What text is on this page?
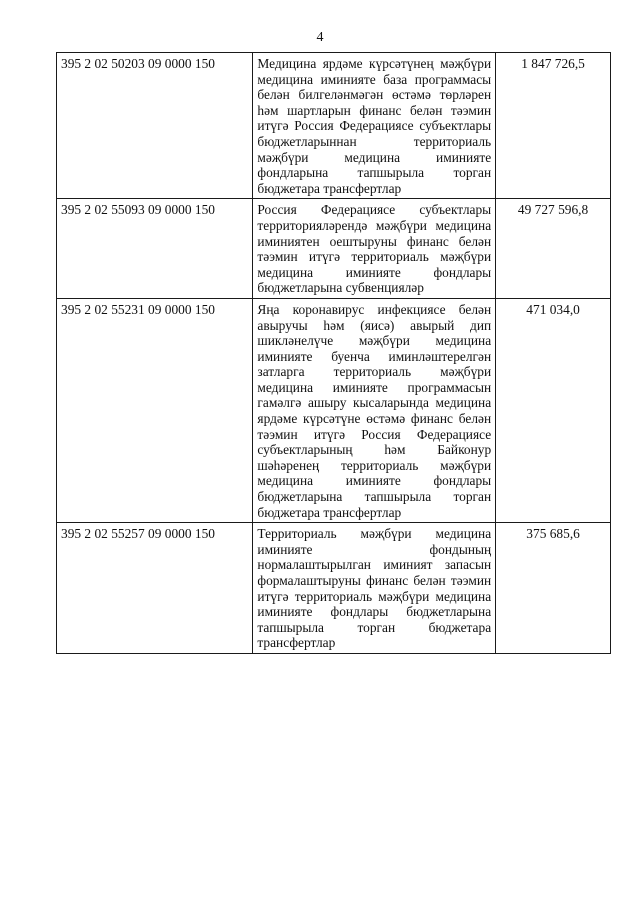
4
395 2 02 50203 09 0000 150	Медицина ярдәме күрсәтүнең мәҗбүри медицина иминияте база программасы белән билгеләнмәгән өстәмә төрләрен һәм шартларын финанс белән тәэмин итүгә Россия Федерациясе субъектлары бюджетларыннан территориаль мәҗбүри медицина иминияте фондларына тапшырыла торган бюджетара трансфертлар	1 847 726,5
395 2 02 55093 09 0000 150	Россия Федерациясе субъектлары территорияләрендә мәҗбүри медицина иминиятен оештыруны финанс белән тәэмин итүгә территориаль мәҗбүри медицина иминияте фондлары бюджетларына субвенцияләр	49 727 596,8
395 2 02 55231 09 0000 150	Яңа коронавирус инфекциясе белән авыручы һәм (яисә) авырый дип шикләнелүче мәҗбүри медицина иминияте буенча иминләштерелгән затларга территориаль мәҗбүри медицина иминияте программасын гамәлгә ашыру кысаларында медицина ярдәме күрсәтүне өстәмә финанс белән тәэмин итүгә Россия Федерациясе субъектларының һәм Байконур шәһәренең территориаль мәҗбүри медицина иминияте фондлары бюджетларына тапшырыла торган бюджетара трансфертлар	471 034,0
395 2 02 55257 09 0000 150	Территориаль мәҗбүри медицина иминияте фондының нормалаштырылган иминият запасын формалаштыруны финанс белән тәэмин итүгә территориаль мәҗбүри медицина иминияте фондлары бюджетларына тапшырыла торган бюджетара трансфертлар	375 685,6
